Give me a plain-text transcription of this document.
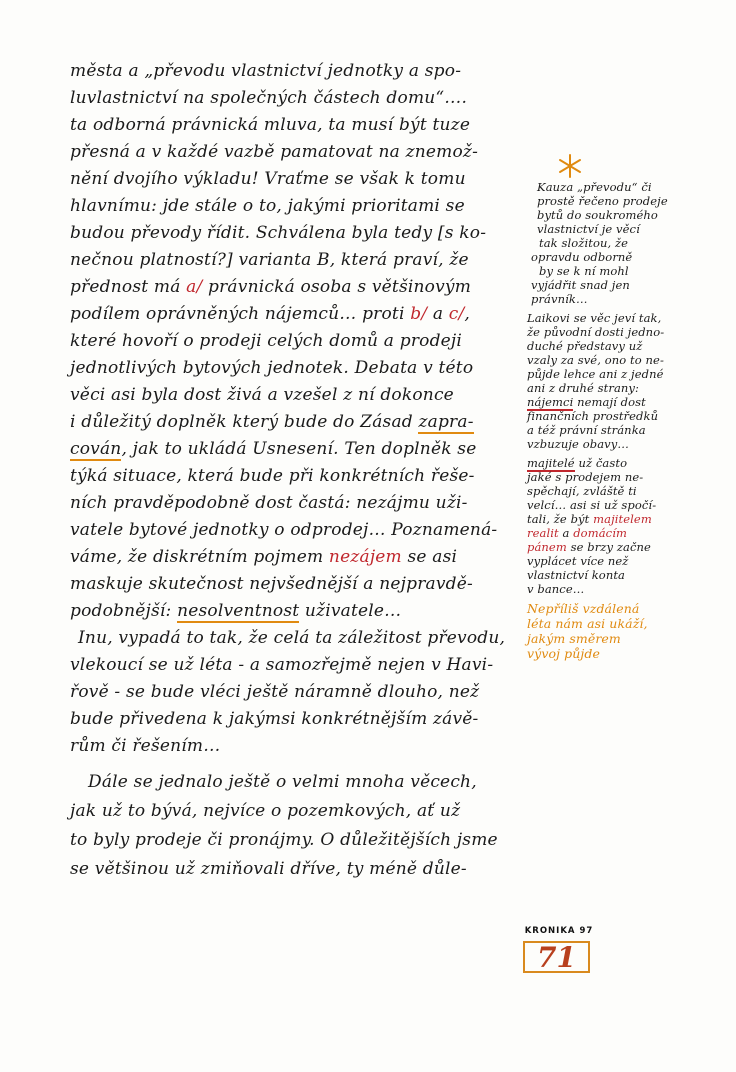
města a „převodu vlastnictví jednotky a spo-
luvlastnictví na společných částech domu“….
ta odborná právnická mluva, ta musí být tuze
přesná a v každé vazbě pamatovat na znemož-
nění dvojího výkladu! Vraťme se však k tomu
hlavnímu: jde stále o to, jakými prioritami se
budou převody řídit. Schválena byla tedy [s ko-
nečnou platností?] varianta B, která praví, že
přednost má a/ právnická osoba s většinovým
podílem oprávněných nájemců… proti b/ a c/,
které hovoří o prodeji celých domů a prodeji
jednotlivých bytových jednotek. Debata v této
věci asi byla dost živá a vzešel z ní dokonce
i důležitý doplněk který bude do Zásad zapra-
cován, jak to ukládá Usnesení. Ten doplněk se
týká situace, která bude při konkrétních řeše-
ních pravděpodobně dost častá: nezájmu uži-
vatele bytové jednotky o odprodej… Poznamená-
váme, že diskrétním pojmem nezájem se asi
maskuje skutečnost nejvšednější a nejpravdě-
podobnější: nesolventnost uživatele…
Inu, vypadá to tak, že celá ta záležitost převodu,
vlekoucí se už léta - a samozřejmě nejen v Havi-
řově - se bude vléci ještě náramně dlouho, než
bude přivedena k jakýmsi konkrétnějším závě-
rům či řešením…
Dále se jednalo ještě o velmi mnoha věcech,
jak už to bývá, nejvíce o pozemkových, ať už
to byly prodeje či pronájmy. O důležitějších jsme
se většinou už zmiňovali dříve, ty méně důle-
Kauza „převodu“ či
prostě řečeno prodeje
bytů do soukromého
vlastnictví je věcí
tak složitou, že
opravdu odborně
by se k ní mohl
vyjádřit snad jen
právník…
Laikovi se věc jeví tak,
že původní dosti jedno-
duché představy už
vzaly za své, ono to ne-
půjde lehce ani z jedné
ani z druhé strany:
nájemci nemají dost
finančních prostředků
a též právní stránka
vzbuzuje obavy…
majitelé už často
jaké s prodejem ne-
spěchají, zvláště ti
velcí… asi si už spočí-
tali, že být majitelem
realit a domácím
pánem se brzy začne
vyplácet více než
vlastnictví konta
v bance…
Nepříliš vzdálená
léta nám asi ukáží,
jakým směrem
vývoj půjde
KRONIKA 97
71
